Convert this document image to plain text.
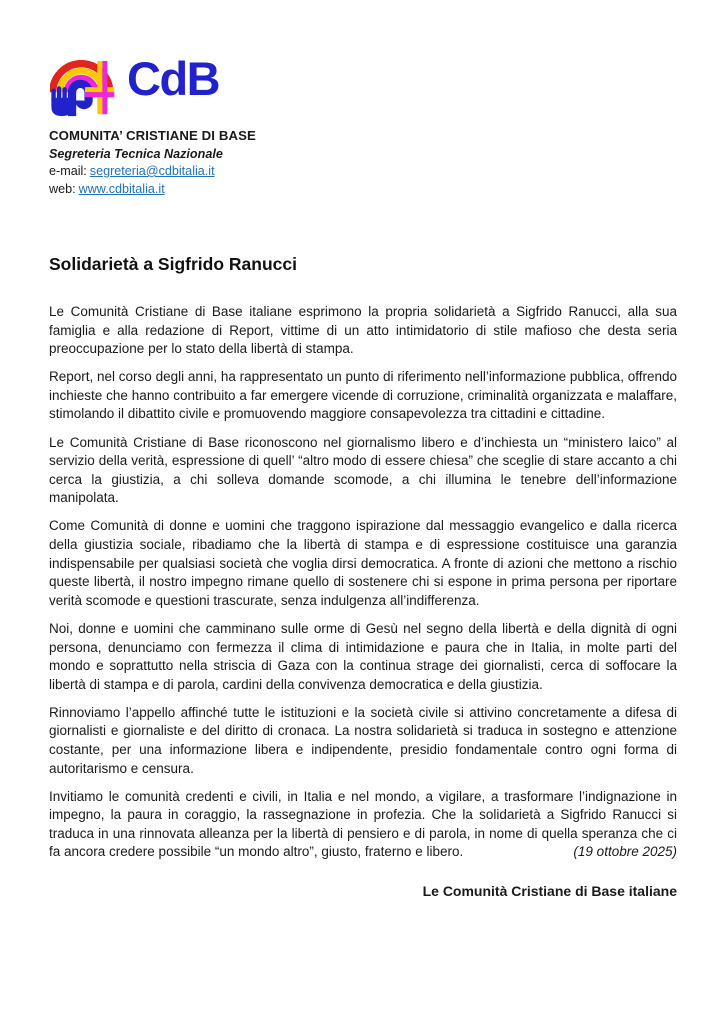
CdB
COMUNITA’ CRISTIANE DI BASE
Segreteria Tecnica Nazionale
e-mail: segreteria@cdbitalia.it
web: www.cdbitalia.it
Solidarietà a Sigfrido Ranucci

Le Comunità Cristiane di Base italiane esprimono la propria solidarietà a Sigfrido Ranucci, alla sua famiglia e alla redazione di Report, vittime di un atto intimidatorio di stile mafioso che desta seria preoccupazione per lo stato della libertà di stampa.

Report, nel corso degli anni, ha rappresentato un punto di riferimento nell’informazione pubblica, offrendo inchieste che hanno contribuito a far emergere vicende di corruzione, criminalità organizzata e malaffare, stimolando il dibattito civile e promuovendo maggiore consapevolezza tra cittadini e cittadine.

Le Comunità Cristiane di Base riconoscono nel giornalismo libero e d’inchiesta un “ministero laico” al servizio della verità, espressione di quell’ “altro modo di essere chiesa” che sceglie di stare accanto a chi cerca la giustizia, a chi solleva domande scomode, a chi illumina le tenebre dell’informazione manipolata.

Come Comunità di donne e uomini che traggono ispirazione dal messaggio evangelico e dalla ricerca della giustizia sociale, ribadiamo che la libertà di stampa e di espressione costituisce una garanzia indispensabile per qualsiasi società che voglia dirsi democratica. A fronte di azioni che mettono a rischio queste libertà, il nostro impegno rimane quello di sostenere chi si espone in prima persona per riportare verità scomode e questioni trascurate, senza indulgenza all’indifferenza.

Noi, donne e uomini che camminano sulle orme di Gesù nel segno della libertà e della dignità di ogni persona, denunciamo con fermezza il clima di intimidazione e paura che in Italia, in molte parti del mondo e soprattutto nella striscia di Gaza con la continua strage dei giornalisti, cerca di soffocare la libertà di stampa e di parola, cardini della convivenza democratica e della giustizia.

Rinnoviamo l’appello affinché tutte le istituzioni e la società civile si attivino concretamente a difesa di giornalisti e giornaliste e del diritto di cronaca. La nostra solidarietà si traduca in sostegno e attenzione costante, per una informazione libera e indipendente, presidio fondamentale contro ogni forma di autoritarismo e censura.

Invitiamo le comunità credenti e civili, in Italia e nel mondo, a vigilare, a trasformare l’indignazione in impegno, la paura in coraggio, la rassegnazione in profezia. Che la solidarietà a Sigfrido Ranucci si traduca in una rinnovata alleanza per la libertà di pensiero e di parola, in nome di quella speranza che ci fa ancora credere possibile “un mondo altro”, giusto, fraterno e libero.	(19 ottobre 2025)

Le Comunità Cristiane di Base italiane
